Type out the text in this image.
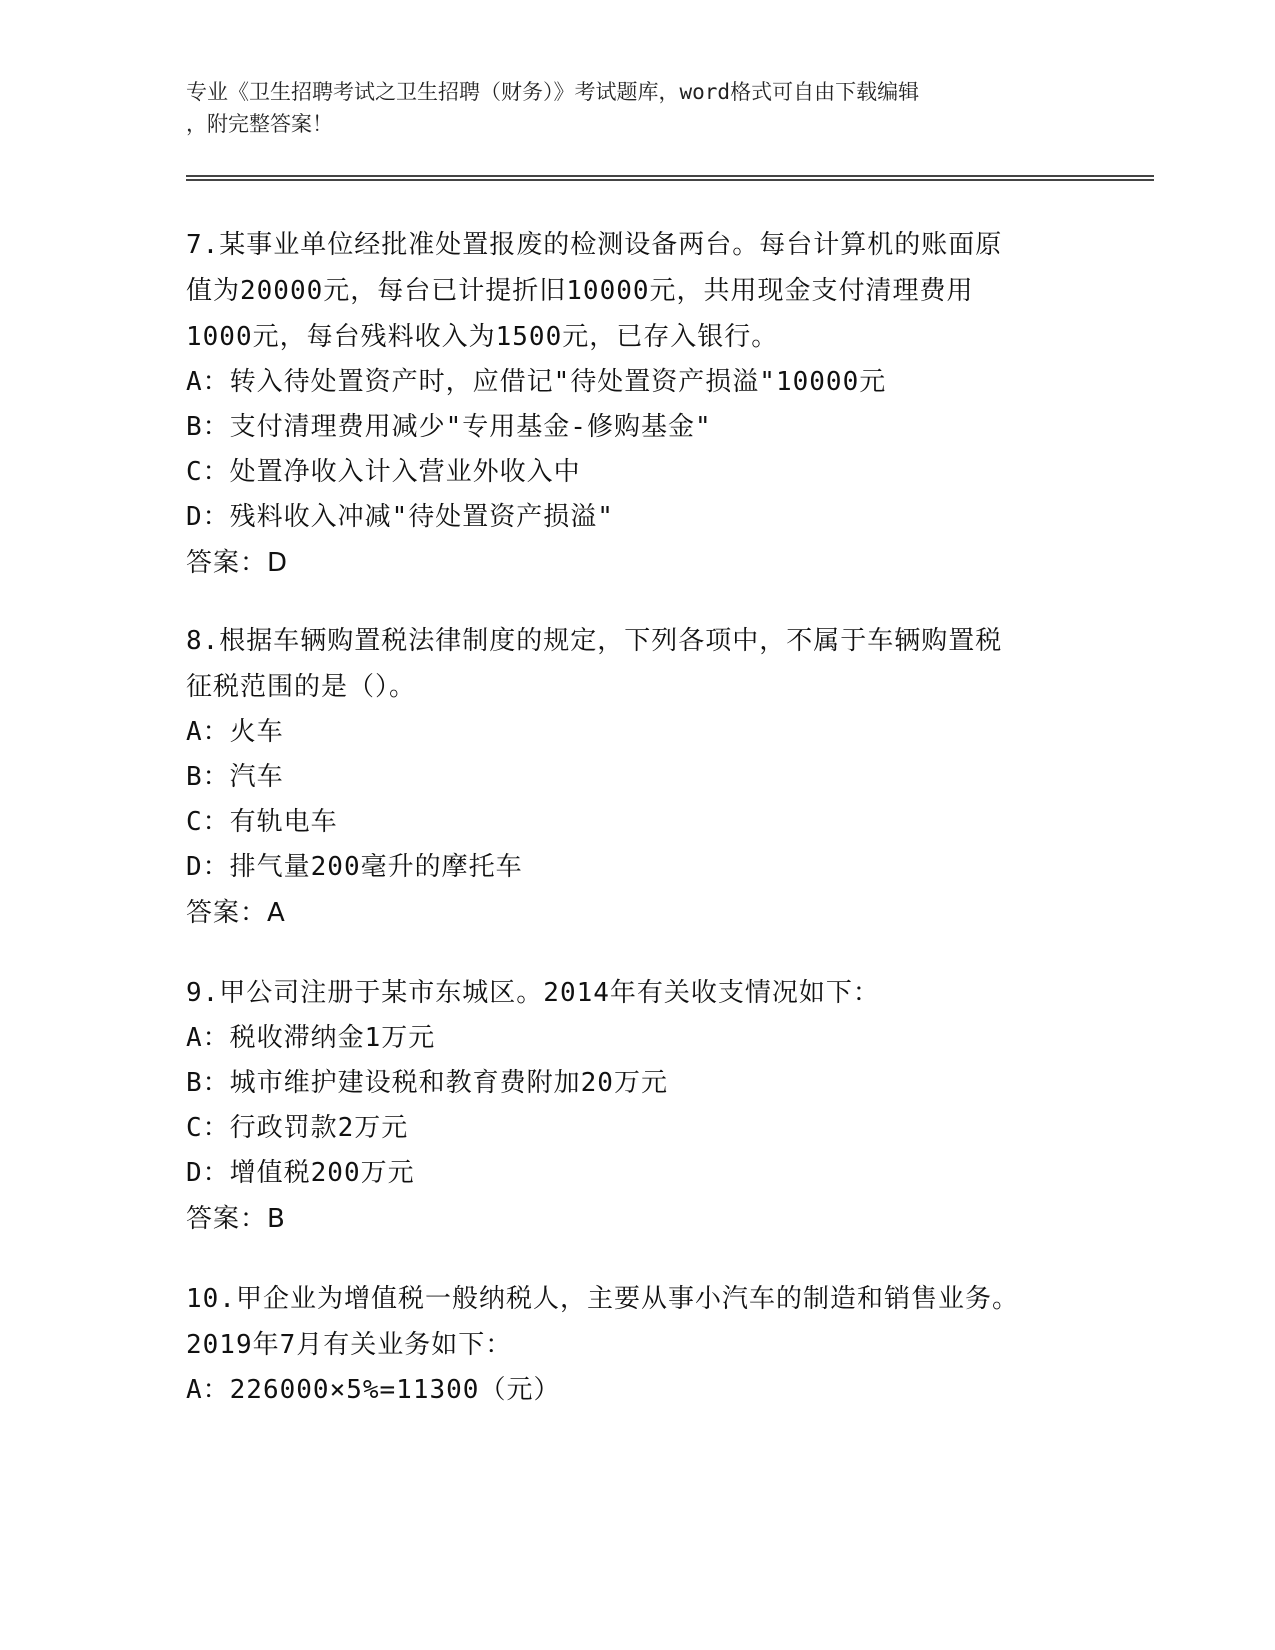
专业《卫生招聘考试之卫生招聘（财务）》考试题库，word格式可自由下载编辑
，附完整答案！

7.某事业单位经批准处置报废的检测设备两台。每台计算机的账面原

值为20000元，每台已计提折旧10000元，共用现金支付清理费用

1000元，每台残料收入为1500元，已存入银行。

A：转入待处置资产时，应借记"待处置资产损溢"10000元

B：支付清理费用减少"专用基金-修购基金"

C：处置净收入计入营业外收入中

D：残料收入冲减"待处置资产损溢"

答案：D

8.根据车辆购置税法律制度的规定，下列各项中，不属于车辆购置税

征税范围的是（）。

A：火车

B：汽车

C：有轨电车

D：排气量200毫升的摩托车

答案：A

9.甲公司注册于某市东城区。2014年有关收支情况如下：

A：税收滞纳金1万元

B：城市维护建设税和教育费附加20万元

C：行政罚款2万元

D：增值税200万元

答案：B

10.甲企业为增值税一般纳税人，主要从事小汽车的制造和销售业务。

2019年7月有关业务如下：

A：226000×5%=11300（元）
